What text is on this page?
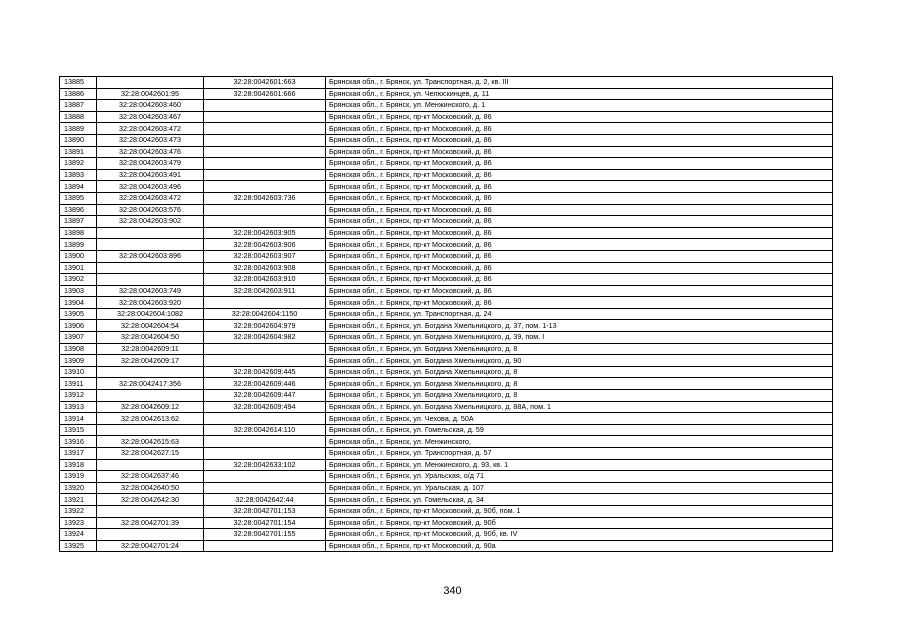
13885		32:28:0042601:663	Брянская обл., г. Брянск, ул. Транспортная, д. 2, кв. III
13886	32:28:0042601:95	32:28:0042601:666	Брянская обл., г. Брянск, ул. Челюскинцев, д. 11
13887	32:28:0042603:460		Брянская обл., г. Брянск, ул. Менжинского, д. 1
13888	32:28:0042603:467		Брянская обл., г. Брянск, пр-кт Московский, д. 86
13889	32:28:0042603:472		Брянская обл., г. Брянск, пр-кт Московский, д. 86
13890	32:28:0042603:473		Брянская обл., г. Брянск, пр-кт Московский, д. 86
13891	32:28:0042603:476		Брянская обл., г. Брянск, пр-кт Московский, д. 86
13892	32:28:0042603:479		Брянская обл., г. Брянск, пр-кт Московский, д. 86
13893	32:28:0042603:491		Брянская обл., г. Брянск, пр-кт Московский, д. 86
13894	32:28:0042603:496		Брянская обл., г. Брянск, пр-кт Московский, д. 86
13895	32:28:0042603:472	32:28:0042603:736	Брянская обл., г. Брянск, пр-кт Московский, д. 86
13896	32:28:0042603:576		Брянская обл., г. Брянск, пр-кт Московский, д. 86
13897	32:28:0042603:902		Брянская обл., г. Брянск, пр-кт Московский, д. 86
13898		32:28:0042603:905	Брянская обл., г. Брянск, пр-кт Московский, д. 86
13899		32:28:0042603:906	Брянская обл., г. Брянск, пр-кт Московский, д. 86
13900	32:28:0042603:896	32:28:0042603:907	Брянская обл., г. Брянск, пр-кт Московский, д. 86
13901		32:28:0042603:908	Брянская обл., г. Брянск, пр-кт Московский, д. 86
13902		32:28:0042603:910	Брянская обл., г. Брянск, пр-кт Московский, д. 86
13903	32:28:0042603:749	32:28:0042603:911	Брянская обл., г. Брянск, пр-кт Московский, д. 86
13904	32:28:0042603:920		Брянская обл., г. Брянск, пр-кт Московский, д. 86
13905	32:28:0042604:1082	32:28:0042604:1150	Брянская обл., г. Брянск, ул. Транспортная, д. 24
13906	32:28:0042604:54	32:28:0042604:979	Брянская обл., г. Брянск, ул. Богдана Хмельницкого, д. 37, пом. 1-13
13907	32:28:0042604:50	32:28:0042604:982	Брянская обл., г. Брянск, ул. Богдана Хмельницкого, д. 39, пом. I
13908	32:28:0042609:11		Брянская обл., г. Брянск, ул. Богдана Хмельницкого, д. 8
13909	32:28:0042609:17		Брянская обл., г. Брянск, ул. Богдана Хмельницкого, д. 90
13910		32:28:0042609:445	Брянская обл., г. Брянск, ул. Богдана Хмельницкого, д. 8
13911	32:28:0042417:356	32:28:0042609:446	Брянская обл., г. Брянск, ул. Богдана Хмельницкого, д. 8
13912		32:28:0042609:447	Брянская обл., г. Брянск, ул. Богдана Хмельницкого, д. 8
13913	32:28:0042609:12	32:28:0042609:494	Брянская обл., г. Брянск, ул. Богдана Хмельницкого, д. 88А, пом. 1
13914	32:28:0042613:62		Брянская обл., г. Брянск, ул. Чехова, д. 50А
13915		32:28:0042614:110	Брянская обл., г. Брянск, ул. Гомельская, д. 59
13916	32:28:0042615:63		Брянская обл., г. Брянск, ул. Менжинского,
13917	32:28:0042627:15		Брянская обл., г. Брянск, ул. Транспортная, д. 57
13918		32:28:0042633:102	Брянская обл., г. Брянск, ул. Менжинского, д. 93, кв. 1
13919	32:28:0042637:46		Брянская обл., г. Брянск, ул. Уральская, о/д 71
13920	32:28:0042640:50		Брянская обл., г. Брянск, ул. Уральская, д. 107
13921	32:28:0042642:30	32:28:0042642:44	Брянская обл., г. Брянск, ул. Гомельская, д. 34
13922		32:28:0042701:153	Брянская обл., г. Брянск, пр-кт Московский, д. 90б, пом. 1
13923	32:28:0042701:39	32:28:0042701:154	Брянская обл., г. Брянск, пр-кт Московский, д. 90б
13924		32:28:0042701:155	Брянская обл., г. Брянск, пр-кт Московский, д. 90б, кв. IV
13925	32:28:0042701:24		Брянская обл., г. Брянск, пр-кт Московский, д. 90а
340
